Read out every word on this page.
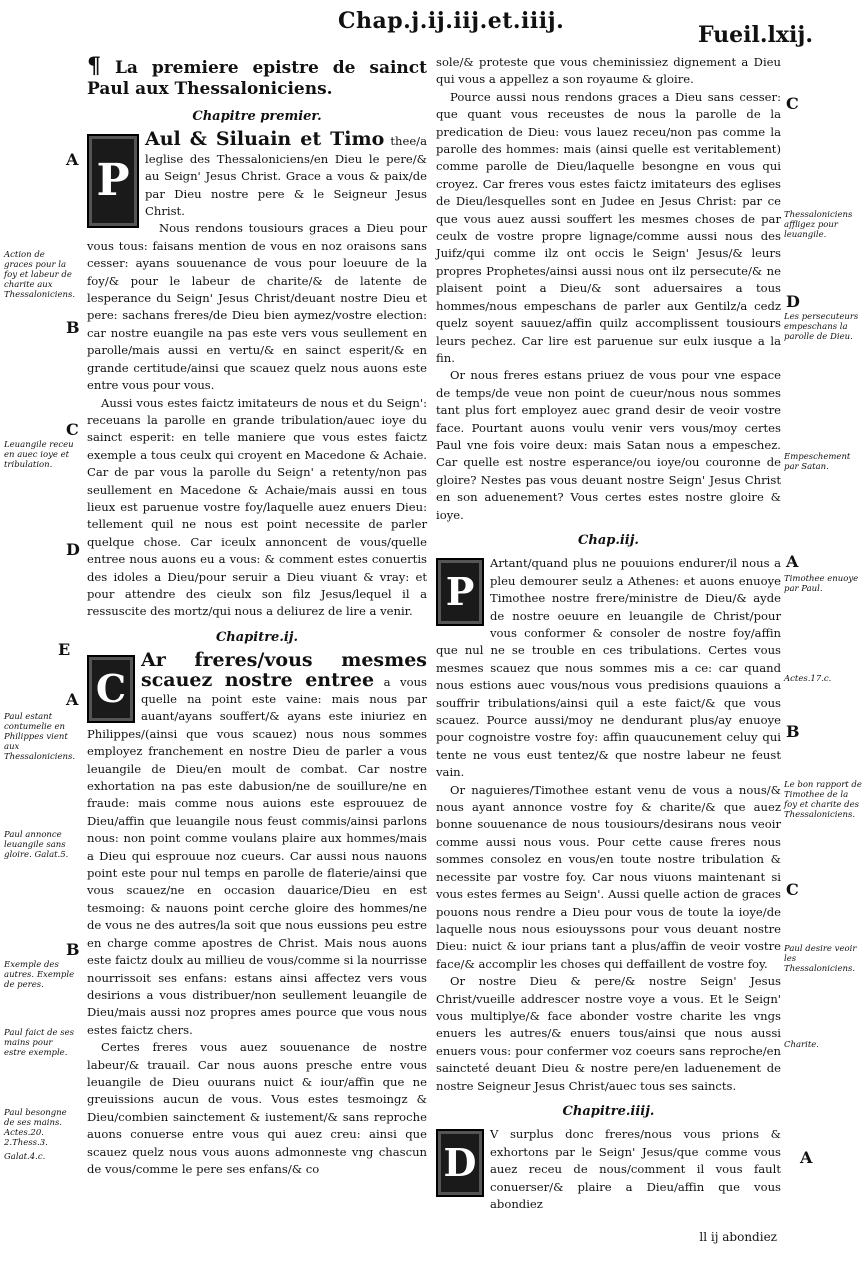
Chap.j.ij.iij.et.iiij.
Fueil.lxij.
¶ La premiere epistre de sainct Paul aux Thessaloniciens.
Chapitre premier.
P

Aul & Siluain et Timo thee/a leglise des Thessaloniciens/en Dieu le pere/& au Seign' Jesus Christ. Grace a vous & paix/de par Dieu nostre pere & le Seigneur Jesus Christ.

Nous rendons tousiours graces a Dieu pour vous tous: faisans mention de vous en noz oraisons sans cesser: ayans souuenance de vous pour loeuure de la foy/& pour le labeur de charite/& de latente de lesperance du Seign' Jesus Christ/deuant nostre Dieu et pere: sachans freres/de Dieu bien aymez/vostre election: car nostre euangile na pas este vers vous seullement en parolle/mais aussi en vertu/& en sainct esperit/& en grande certitude/ainsi que scauez quelz nous auons este entre vous pour vous.

Aussi vous estes faictz imitateurs de nous et du Seign': receuans la parolle en grande tribulation/auec ioye du sainct esperit: en telle maniere que vous estes faictz exemple a tous ceulx qui croyent en Macedone & Achaie. Car de par vous la parolle du Seign' a retenty/non pas seullement en Macedone & Achaie/mais aussi en tous lieux est paruenue vostre foy/laquelle auez enuers Dieu: tellement quil ne nous est point necessite de parler quelque chose. Car iceulx annoncent de vous/quelle entree nous auons eu a vous: & comment estes conuertis des idoles a Dieu/pour seruir a Dieu viuant & vray: et pour attendre des cieulx son filz Jesus/lequel il a ressuscite des mortz/qui nous a deliurez de lire a venir.

Chapitre.ij.
C

Ar freres/vous mesmes scauez nostre entree a vous quelle na point este vaine: mais nous par auant/ayans souffert/& ayans este iniuriez en Philippes/(ainsi que vous scauez) nous nous sommes employez franchement en nostre Dieu de parler a vous leuangile de Dieu/en moult de combat. Car nostre exhortation na pas este dabusion/ne de souillure/ne en fraude: mais comme nous auions este esprouuez de Dieu/affin que leuangile nous feust commis/ainsi parlons nous: non point comme voulans plaire aux hommes/mais a Dieu qui esprouue noz cueurs. Car aussi nous nauons point este pour nul temps en parolle de flaterie/ainsi que vous scauez/ne en occasion dauarice/Dieu en est tesmoing: & nauons point cerche gloire des hommes/ne de vous ne des autres/la soit que nous eussions peu estre en charge comme apostres de Christ. Mais nous auons este faictz doulx au millieu de vous/comme si la nourrisse nourrissoit ses enfans: estans ainsi affectez vers vous desirions a vous distribuer/non seullement leuangile de Dieu/mais aussi noz propres ames pource que vous nous estes faictz chers.

Certes freres vous auez souuenance de nostre labeur/& trauail. Car nous auons presche entre vous leuangile de Dieu ouurans nuict & iour/affin que ne greuissions aucun de vous. Vous estes tesmoingz & Dieu/combien sainctement & iustement/& sans reproche auons conuerse entre vous qui auez creu: ainsi que scauez quelz nous vous auons admonneste vng chascun de vous/comme le pere ses enfans/& co

sole/& proteste que vous cheminissiez dignement a Dieu qui vous a appellez a son royaume & gloire.

Pource aussi nous rendons graces a Dieu sans cesser: que quant vous receustes de nous la parolle de la predication de Dieu: vous lauez receu/non pas comme la parolle des hommes: mais (ainsi quelle est veritablement) comme parolle de Dieu/laquelle besongne en vous qui croyez. Car freres vous estes faictz imitateurs des eglises de Dieu/lesquelles sont en Judee en Jesus Christ: par ce que vous auez aussi souffert les mesmes choses de par ceulx de vostre propre lignage/comme aussi nous des Juifz/qui comme ilz ont occis le Seign' Jesus/& leurs propres Prophetes/ainsi aussi nous ont ilz persecute/& ne plaisent point a Dieu/& sont aduersaires a tous hommes/nous empeschans de parler aux Gentilz/a cedz quelz soyent sauuez/affin quilz accomplissent tousiours leurs pechez. Car lire est paruenue sur eulx iusque a la fin.

Or nous freres estans priuez de vous pour vne espace de temps/de veue non point de cueur/nous nous sommes tant plus fort employez auec grand desir de veoir vostre face. Pourtant auons voulu venir vers vous/moy certes Paul vne fois voire deux: mais Satan nous a empeschez. Car quelle est nostre esperance/ou ioye/ou couronne de gloire? Nestes pas vous deuant nostre Seign' Jesus Christ en son aduenement? Vous certes estes nostre gloire & ioye.

Chap.iij.
P

Artant/quand plus ne pouuions endurer/il nous a pleu demourer seulz a Athenes: et auons enuoye Timothee nostre frere/ministre de Dieu/& ayde de nostre oeuure en leuangile de Christ/pour vous conformer & consoler de nostre foy/affin que nul ne se trouble en ces tribulations. Certes vous mesmes scauez que nous sommes mis a ce: car quand nous estions auec vous/nous vous predisions quauions a souffrir tribulations/ainsi quil a este faict/& que vous scauez. Pource aussi/moy ne dendurant plus/ay enuoye pour cognoistre vostre foy: affin quaucunement celuy qui tente ne vous eust tentez/& que nostre labeur ne feust vain.

Or naguieres/Timothee estant venu de vous a nous/& nous ayant annonce vostre foy & charite/& que auez bonne souuenance de nous tousiours/desirans nous veoir comme aussi nous vous. Pour cette cause freres nous sommes consolez en vous/en toute nostre tribulation & necessite par vostre foy. Car nous viuons maintenant si vous estes fermes au Seign'. Aussi quelle action de graces pouons nous rendre a Dieu pour vous de toute la ioye/de laquelle nous nous esiouyssons pour vous deuant nostre Dieu: nuict & iour prians tant a plus/affin de veoir vostre face/& accomplir les choses qui deffaillent de vostre foy.

Or nostre Dieu & pere/& nostre Seign' Jesus Christ/vueille addrescer nostre voye a vous. Et le Seign' vous multiplye/& face abonder vostre charite les vngs enuers les autres/& enuers tous/ainsi que nous aussi enuers vous: pour confermer voz coeurs sans reproche/en saincteté deuant Dieu & nostre pere/en laduenement de nostre Seigneur Jesus Christ/auec tous ses saincts.

Chapitre.iiij.
D

V surplus donc freres/nous vous prions & exhortons par le Seign' Jesus/que comme vous auez receu de nous/comment il vous fault conuerser/& plaire a Dieu/affin que vous abondiez

ll ij abondiez
A
Action de graces pour la foy et labeur de charite aux Thessaloniciens.
B
C
Leuangile receu en auec ioye et tribulation.
D
E
A
Paul estant contumelie en Philippes vient aux Thessaloniciens.
Paul annonce leuangile sans gloire. Galat.5.
B
Exemple des autres. Exemple de peres.
Paul faict de ses mains pour estre exemple.
Paul besongne de ses mains. Actes.20. 2.Thess.3.
Galat.4.c.
C
Thessaloniciens affligez pour leuangile.
D
Les persecuteurs empeschans la parolle de Dieu.
Empeschement par Satan.
A
Timothee enuoye par Paul.
Actes.17.c.
B
Le bon rapport de Timothee de la foy et charite des Thessaloniciens.
C
Paul desire veoir les Thessaloniciens.
Charite.
A
